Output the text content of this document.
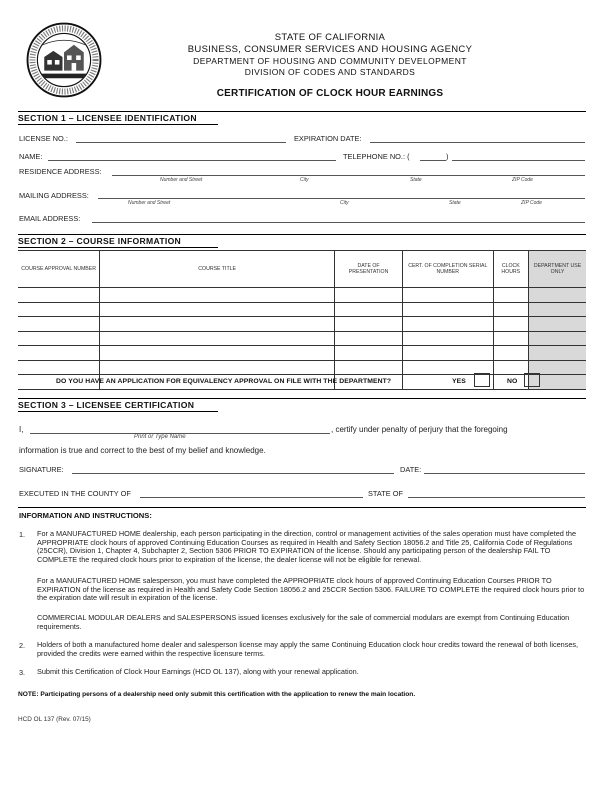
STATE OF CALIFORNIA
BUSINESS, CONSUMER SERVICES AND HOUSING AGENCY
DEPARTMENT OF HOUSING AND COMMUNITY DEVELOPMENT
DIVISION OF CODES AND STANDARDS
CERTIFICATION OF CLOCK HOUR EARNINGS
SECTION 1 – LICENSEE IDENTIFICATION
LICENSE NO.:	EXPIRATION DATE:
NAME:	TELEPHONE NO.: (	)
RESIDENCE ADDRESS:
Number and Street	City	State	ZIP Code
MAILING ADDRESS:
Number and Street	City	State	ZIP Code
EMAIL ADDRESS:
SECTION 2 – COURSE INFORMATION
COURSE APPROVAL NUMBER	COURSE TITLE	DATE OF PRESENTATION	CERT. OF COMPLETION SERIAL NUMBER	CLOCK HOURS	DEPARTMENT USE ONLY

DO YOU HAVE AN APPLICATION FOR EQUIVALENCY APPROVAL ON FILE WITH THE DEPARTMENT?	YES	NO
SECTION 3 – LICENSEE CERTIFICATION
I,	, certify under penalty of perjury that the foregoing
Print or Type Name
information is true and correct to the best of my belief and knowledge.
SIGNATURE:	DATE:
EXECUTED IN THE COUNTY OF	STATE OF
INFORMATION AND INSTRUCTIONS:
1. For a MANUFACTURED HOME dealership, each person participating in the direction, control or management activities of the sales operation must have completed the APPROPRIATE clock hours of approved Continuing Education Courses as required in Health and Safety Section 18056.2 and Title 25, California Code of Regulations (25CCR), Division 1, Chapter 4, Subchapter 2, Section 5306 PRIOR TO EXPIRATION of the license. Should any participating person of the dealership FAIL TO COMPLETE the required clock hours prior to expiration of the license, the dealer license will not be eligible for renewal.
For a MANUFACTURED HOME salesperson, you must have completed the APPROPRIATE clock hours of approved Continuing Education Courses PRIOR TO EXPIRATION of the license as required in Health and Safety Code Section 18056.2 and 25CCR Section 5306. FAILURE TO COMPLETE the required clock hours prior to the expiration date will result in expiration of the license.
COMMERCIAL MODULAR DEALERS and SALESPERSONS issued licenses exclusively for the sale of commercial modulars are exempt from Continuing Education requirements.
2. Holders of both a manufactured home dealer and salesperson license may apply the same Continuing Education clock hour credits toward the renewal of both licenses, provided the credits were earned within the respective licensure terms.
3. Submit this Certification of Clock Hour Earnings (HCD OL 137), along with your renewal application.
NOTE: Participating persons of a dealership need only submit this certification with the application to renew the main location.
HCD OL 137 (Rev. 07/15)
